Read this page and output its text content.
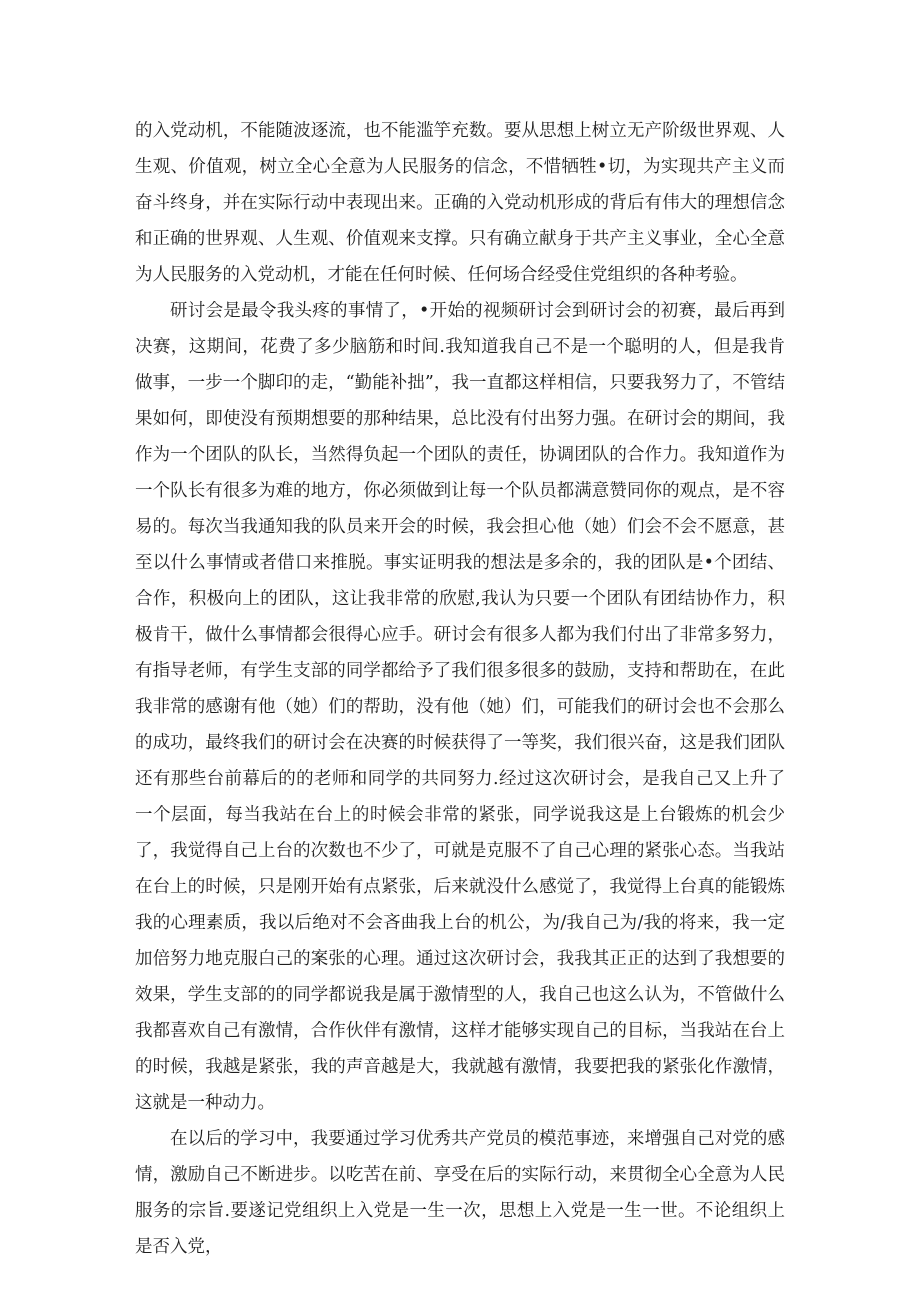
的入党动机，不能随波逐流，也不能滥竽充数。要从思想上树立无产阶级世界观、人生观、价值观，树立全心全意为人民服务的信念，不惜牺牲•切，为实现共产主义而奋斗终身，并在实际行动中表现出来。正确的入党动机形成的背后有伟大的理想信念和正确的世界观、人生观、价值观来支撑。只有确立献身于共产主义事业，全心全意为人民服务的入党动机，才能在任何时候、任何场合经受住党组织的各种考验。

研讨会是最令我头疼的事情了，•开始的视频研讨会到研讨会的初赛，最后再到决赛，这期间，花费了多少脑筋和时间.我知道我自己不是一个聪明的人，但是我肯做事，一步一个脚印的走，“勤能补拙”，我一直都这样相信，只要我努力了，不管结果如何，即使没有预期想要的那种结果，总比没有付出努力强。在研讨会的期间，我作为一个团队的队长，当然得负起一个团队的责任，协调团队的合作力。我知道作为一个队长有很多为难的地方，你必须做到让每一个队员都满意赞同你的观点，是不容易的。每次当我通知我的队员来开会的时候，我会担心他（她）们会不会不愿意，甚至以什么事情或者借口来推脱。事实证明我的想法是多余的，我的团队是•个团结、合作，积极向上的团队，这让我非常的欣慰,我认为只要一个团队有团结协作力，积极肯干，做什么事情都会很得心应手。研讨会有很多人都为我们付出了非常多努力，有指导老师，有学生支部的同学都给予了我们很多很多的鼓励，支持和帮助在，在此我非常的感谢有他（她）们的帮助，没有他（她）们，可能我们的研讨会也不会那么的成功，最终我们的研讨会在决赛的时候获得了一等奖，我们很兴奋，这是我们团队还有那些台前幕后的的老师和同学的共同努力.经过这次研讨会，是我自己又上升了一个层面，每当我站在台上的时候会非常的紧张，同学说我这是上台锻炼的机会少了，我觉得自己上台的次数也不少了，可就是克服不了自己心理的紧张心态。当我站在台上的时候，只是刚开始有点紧张，后来就没什么感觉了，我觉得上台真的能锻炼我的心理素质，我以后绝对不会吝曲我上台的机公，为/我自己为/我的将来，我一定加倍努力地克服白己的案张的心理。通过这次研讨会，我我其正正的达到了我想要的效果，学生支部的的同学都说我是属于激情型的人，我自己也这么认为，不管做什么我都喜欢自己有激情，合作伙伴有激情，这样才能够实现自己的目标，当我站在台上的时候，我越是紧张，我的声音越是大，我就越有激情，我要把我的紧张化作激情，这就是一种动力。

在以后的学习中，我要通过学习优秀共产党员的模范事迹，来增强自己对党的感情，激励自己不断进步。以吃苦在前、享受在后的实际行动，来贯彻全心全意为人民服务的宗旨.要遂记党组织上入党是一生一次，思想上入党是一生一世。不论组织上是否入党，
